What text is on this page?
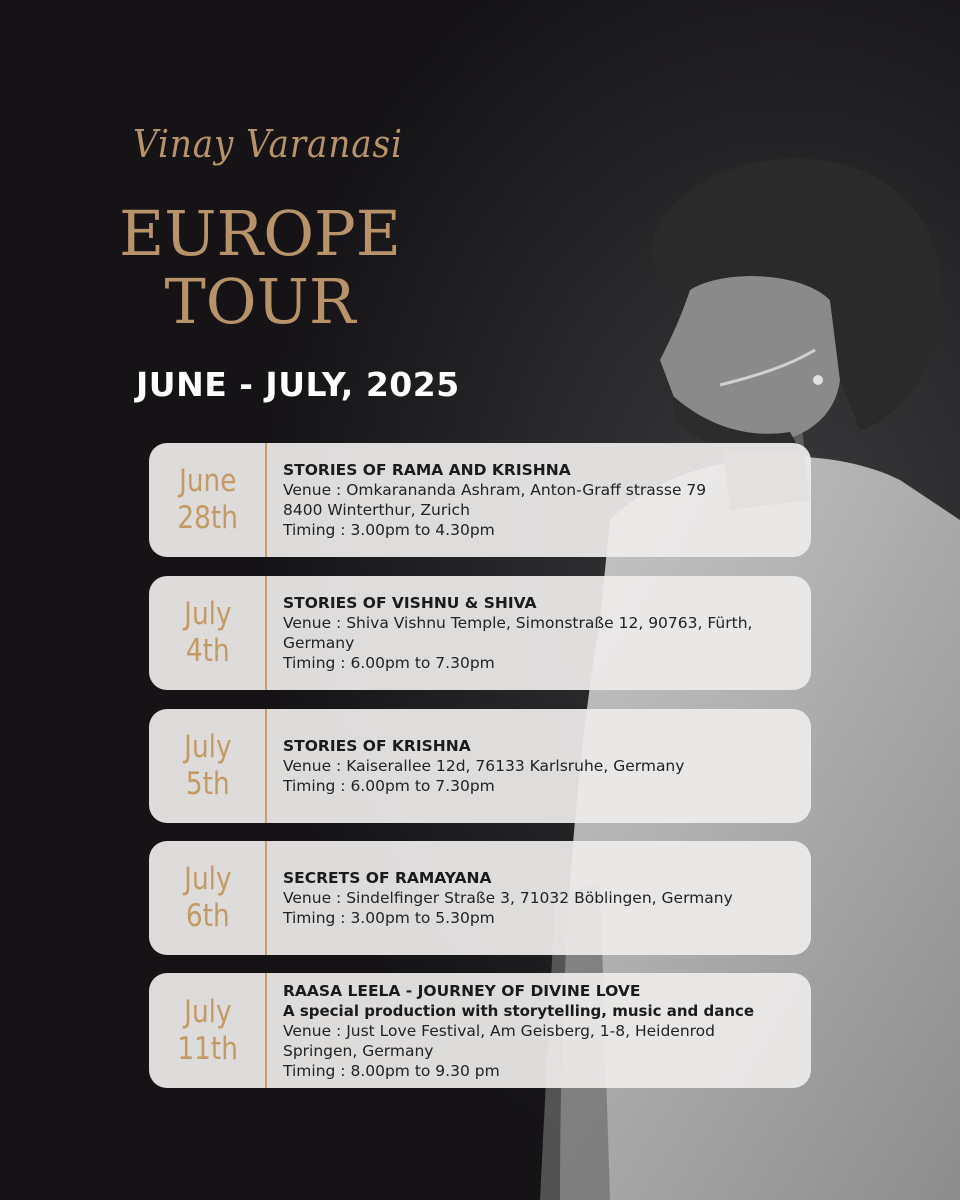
Vinay Varanasi
EUROPE
TOUR
JUNE - JULY, 2025
June
28th
STORIES OF RAMA AND KRISHNA
Venue : Omkarananda Ashram, Anton-Graff strasse 79
8400 Winterthur, Zurich
Timing : 3.00pm to 4.30pm
July
4th
STORIES OF VISHNU & SHIVA
Venue : Shiva Vishnu Temple, Simonstraße 12, 90763, Fürth,
Germany
Timing : 6.00pm to 7.30pm
July
5th
STORIES OF KRISHNA
Venue : Kaiserallee 12d, 76133 Karlsruhe, Germany
Timing : 6.00pm to 7.30pm
July
6th
SECRETS OF RAMAYANA
Venue : Sindelfinger Straße 3, 71032 Böblingen, Germany
Timing : 3.00pm to 5.30pm
July
11th
RAASA LEELA - JOURNEY OF DIVINE LOVE
A special production with storytelling, music and dance
Venue : Just Love Festival, Am Geisberg, 1-8, Heidenrod
Springen, Germany
Timing : 8.00pm to 9.30 pm
